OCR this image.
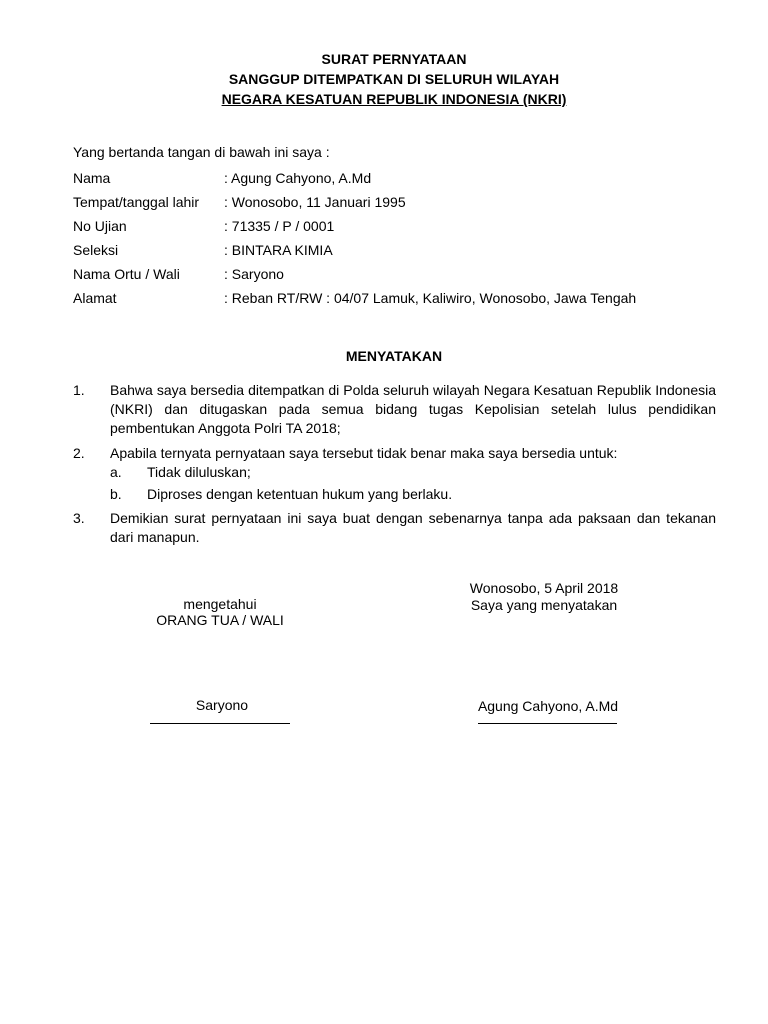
SURAT PERNYATAAN
SANGGUP DITEMPATKAN DI SELURUH WILAYAH
NEGARA KESATUAN REPUBLIK INDONESIA (NKRI)
Yang bertanda tangan di bawah ini saya :
Nama	: Agung Cahyono, A.Md
Tempat/tanggal lahir	: Wonosobo, 11 Januari 1995
No Ujian	: 71335 / P / 0001
Seleksi	: BINTARA KIMIA
Nama Ortu / Wali	: Saryono
Alamat	: Reban RT/RW : 04/07 Lamuk, Kaliwiro, Wonosobo, Jawa Tengah
MENYATAKAN
1. Bahwa saya bersedia ditempatkan di Polda seluruh wilayah Negara Kesatuan Republik Indonesia (NKRI) dan ditugaskan pada semua bidang tugas Kepolisian setelah lulus pendidikan pembentukan Anggota Polri TA 2018;
2. Apabila ternyata pernyataan saya tersebut tidak benar maka saya bersedia untuk:
a. Tidak diluluskan;
b. Diproses dengan ketentuan hukum yang berlaku.
3. Demikian surat pernyataan ini saya buat dengan sebenarnya tanpa ada paksaan dan tekanan dari manapun.
mengetahui
ORANG TUA / WALI
Saryono
Wonosobo, 5 April 2018
Saya yang menyatakan
Agung Cahyono, A.Md
